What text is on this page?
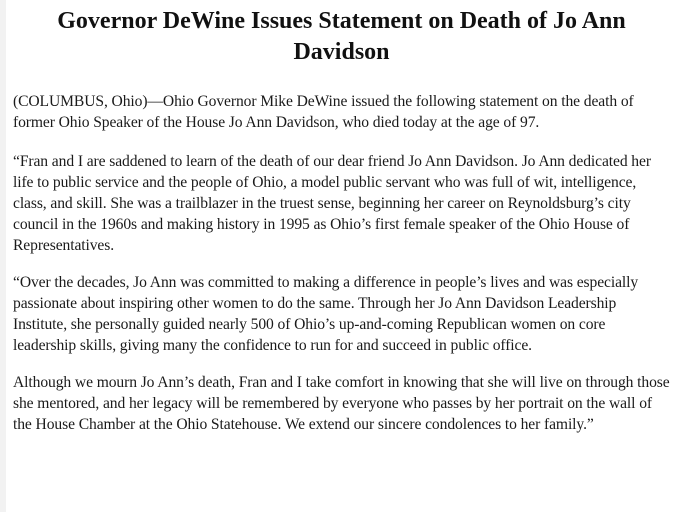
Governor DeWine Issues Statement on Death of Jo Ann Davidson

(COLUMBUS, Ohio)—Ohio Governor Mike DeWine issued the following statement on the death of former Ohio Speaker of the House Jo Ann Davidson, who died today at the age of 97.

“Fran and I are saddened to learn of the death of our dear friend Jo Ann Davidson. Jo Ann dedicated her life to public service and the people of Ohio, a model public servant who was full of wit, intelligence, class, and skill. She was a trailblazer in the truest sense, beginning her career on Reynoldsburg’s city council in the 1960s and making history in 1995 as Ohio’s first female speaker of the Ohio House of Representatives.

“Over the decades, Jo Ann was committed to making a difference in people’s lives and was especially passionate about inspiring other women to do the same. Through her Jo Ann Davidson Leadership Institute, she personally guided nearly 500 of Ohio’s up-and-coming Republican women on core leadership skills, giving many the confidence to run for and succeed in public office.

Although we mourn Jo Ann’s death, Fran and I take comfort in knowing that she will live on through those she mentored, and her legacy will be remembered by everyone who passes by her portrait on the wall of the House Chamber at the Ohio Statehouse. We extend our sincere condolences to her family.”
